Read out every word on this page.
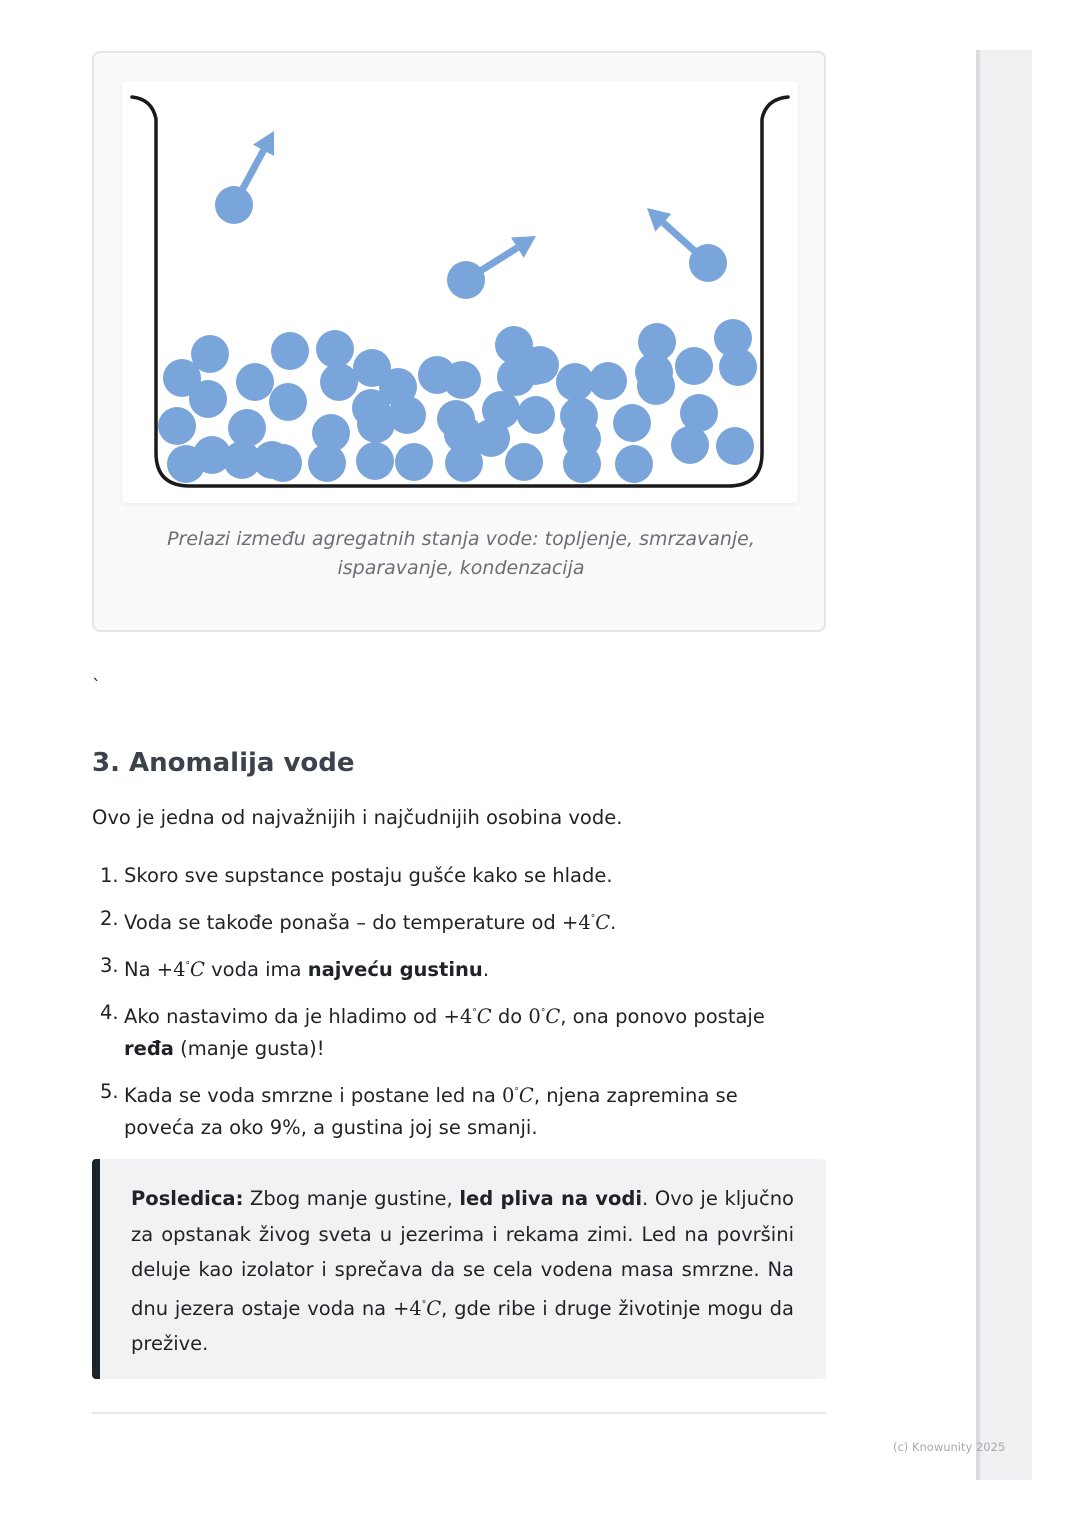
Prelazi između agregatnih stanja vode: topljenje, smrzavanje, isparavanje, kondenzacija
`
3. Anomalija vode

Ovo je jedna od najvažnijih i najčudnijih osobina vode.

1. Skoro sve supstance postaju gušće kako se hlade.
2. Voda se takođe ponaša – do temperature od +4°C.
3. Na +4°C voda ima najveću gustinu.
4. Ako nastavimo da je hladimo od +4°C do 0°C, ona ponovo postaje ređa (manje gusta)!
5. Kada se voda smrzne i postane led na 0°C, njena zapremina se poveća za oko 9%, a gustina joj se smanji.

Posledica: Zbog manje gustine, led pliva na vodi. Ovo je ključno za opstanak živog sveta u jezerima i rekama zimi. Led na površini deluje kao izolator i sprečava da se cela vodena masa smrzne. Na dnu jezera ostaje voda na +4°C, gde ribe i druge životinje mogu da prežive.

(c) Knowunity 2025
